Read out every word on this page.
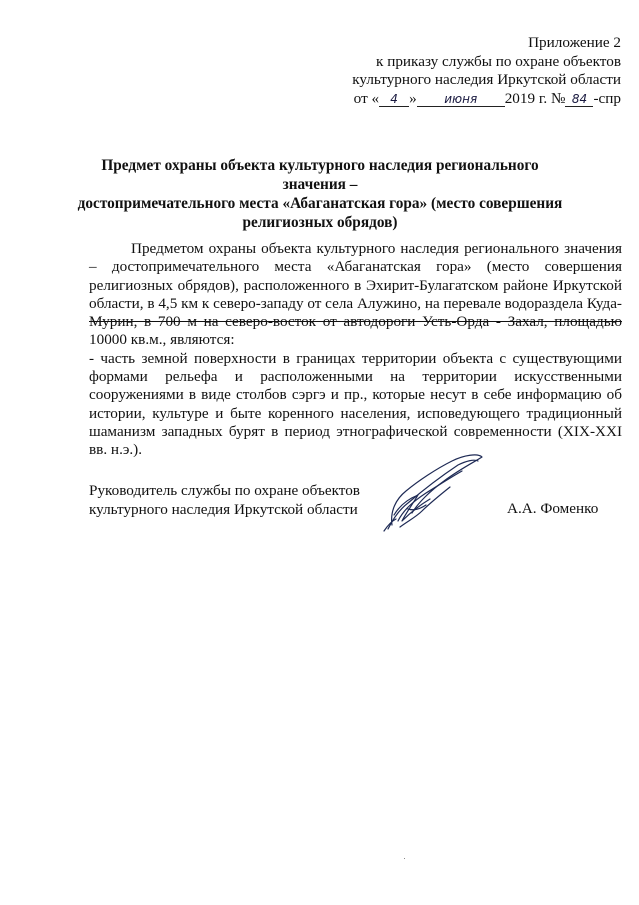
Приложение 2
к приказу службы по охране объектов
культурного наследия Иркутской области
от « 4 » июня 2019 г. № 84 -спр
Предмет охраны объекта культурного наследия регионального значения –
достопримечательного места «Абаганатская гора» (место совершения
религиозных обрядов)

Предметом охраны объекта культурного наследия регионального значения – достопримечательного места «Абаганатская гора» (место совершения религиозных обрядов), расположенного в Эхирит-Булагатском районе Иркутской области, в 4,5 км к северо-западу от села Алужино, на перевале водораздела Куда- Мурин, в 700 м на северо-восток от автодороги Усть-Орда - Захал, площадью 10000 кв.м., являются:

- часть земной поверхности в границах территории объекта с существующими формами рельефа и расположенными на территории искусственными сооружениями в виде столбов сэргэ и пр., которые несут в себе информацию об истории, культуре и быте коренного населения, исповедующего традиционный шаманизм западных бурят в период этнографической современности (XIX-XXI вв. н.э.).

Руководитель службы по охране объектов
культурного наследия Иркутской области	А.А. Фоменко
